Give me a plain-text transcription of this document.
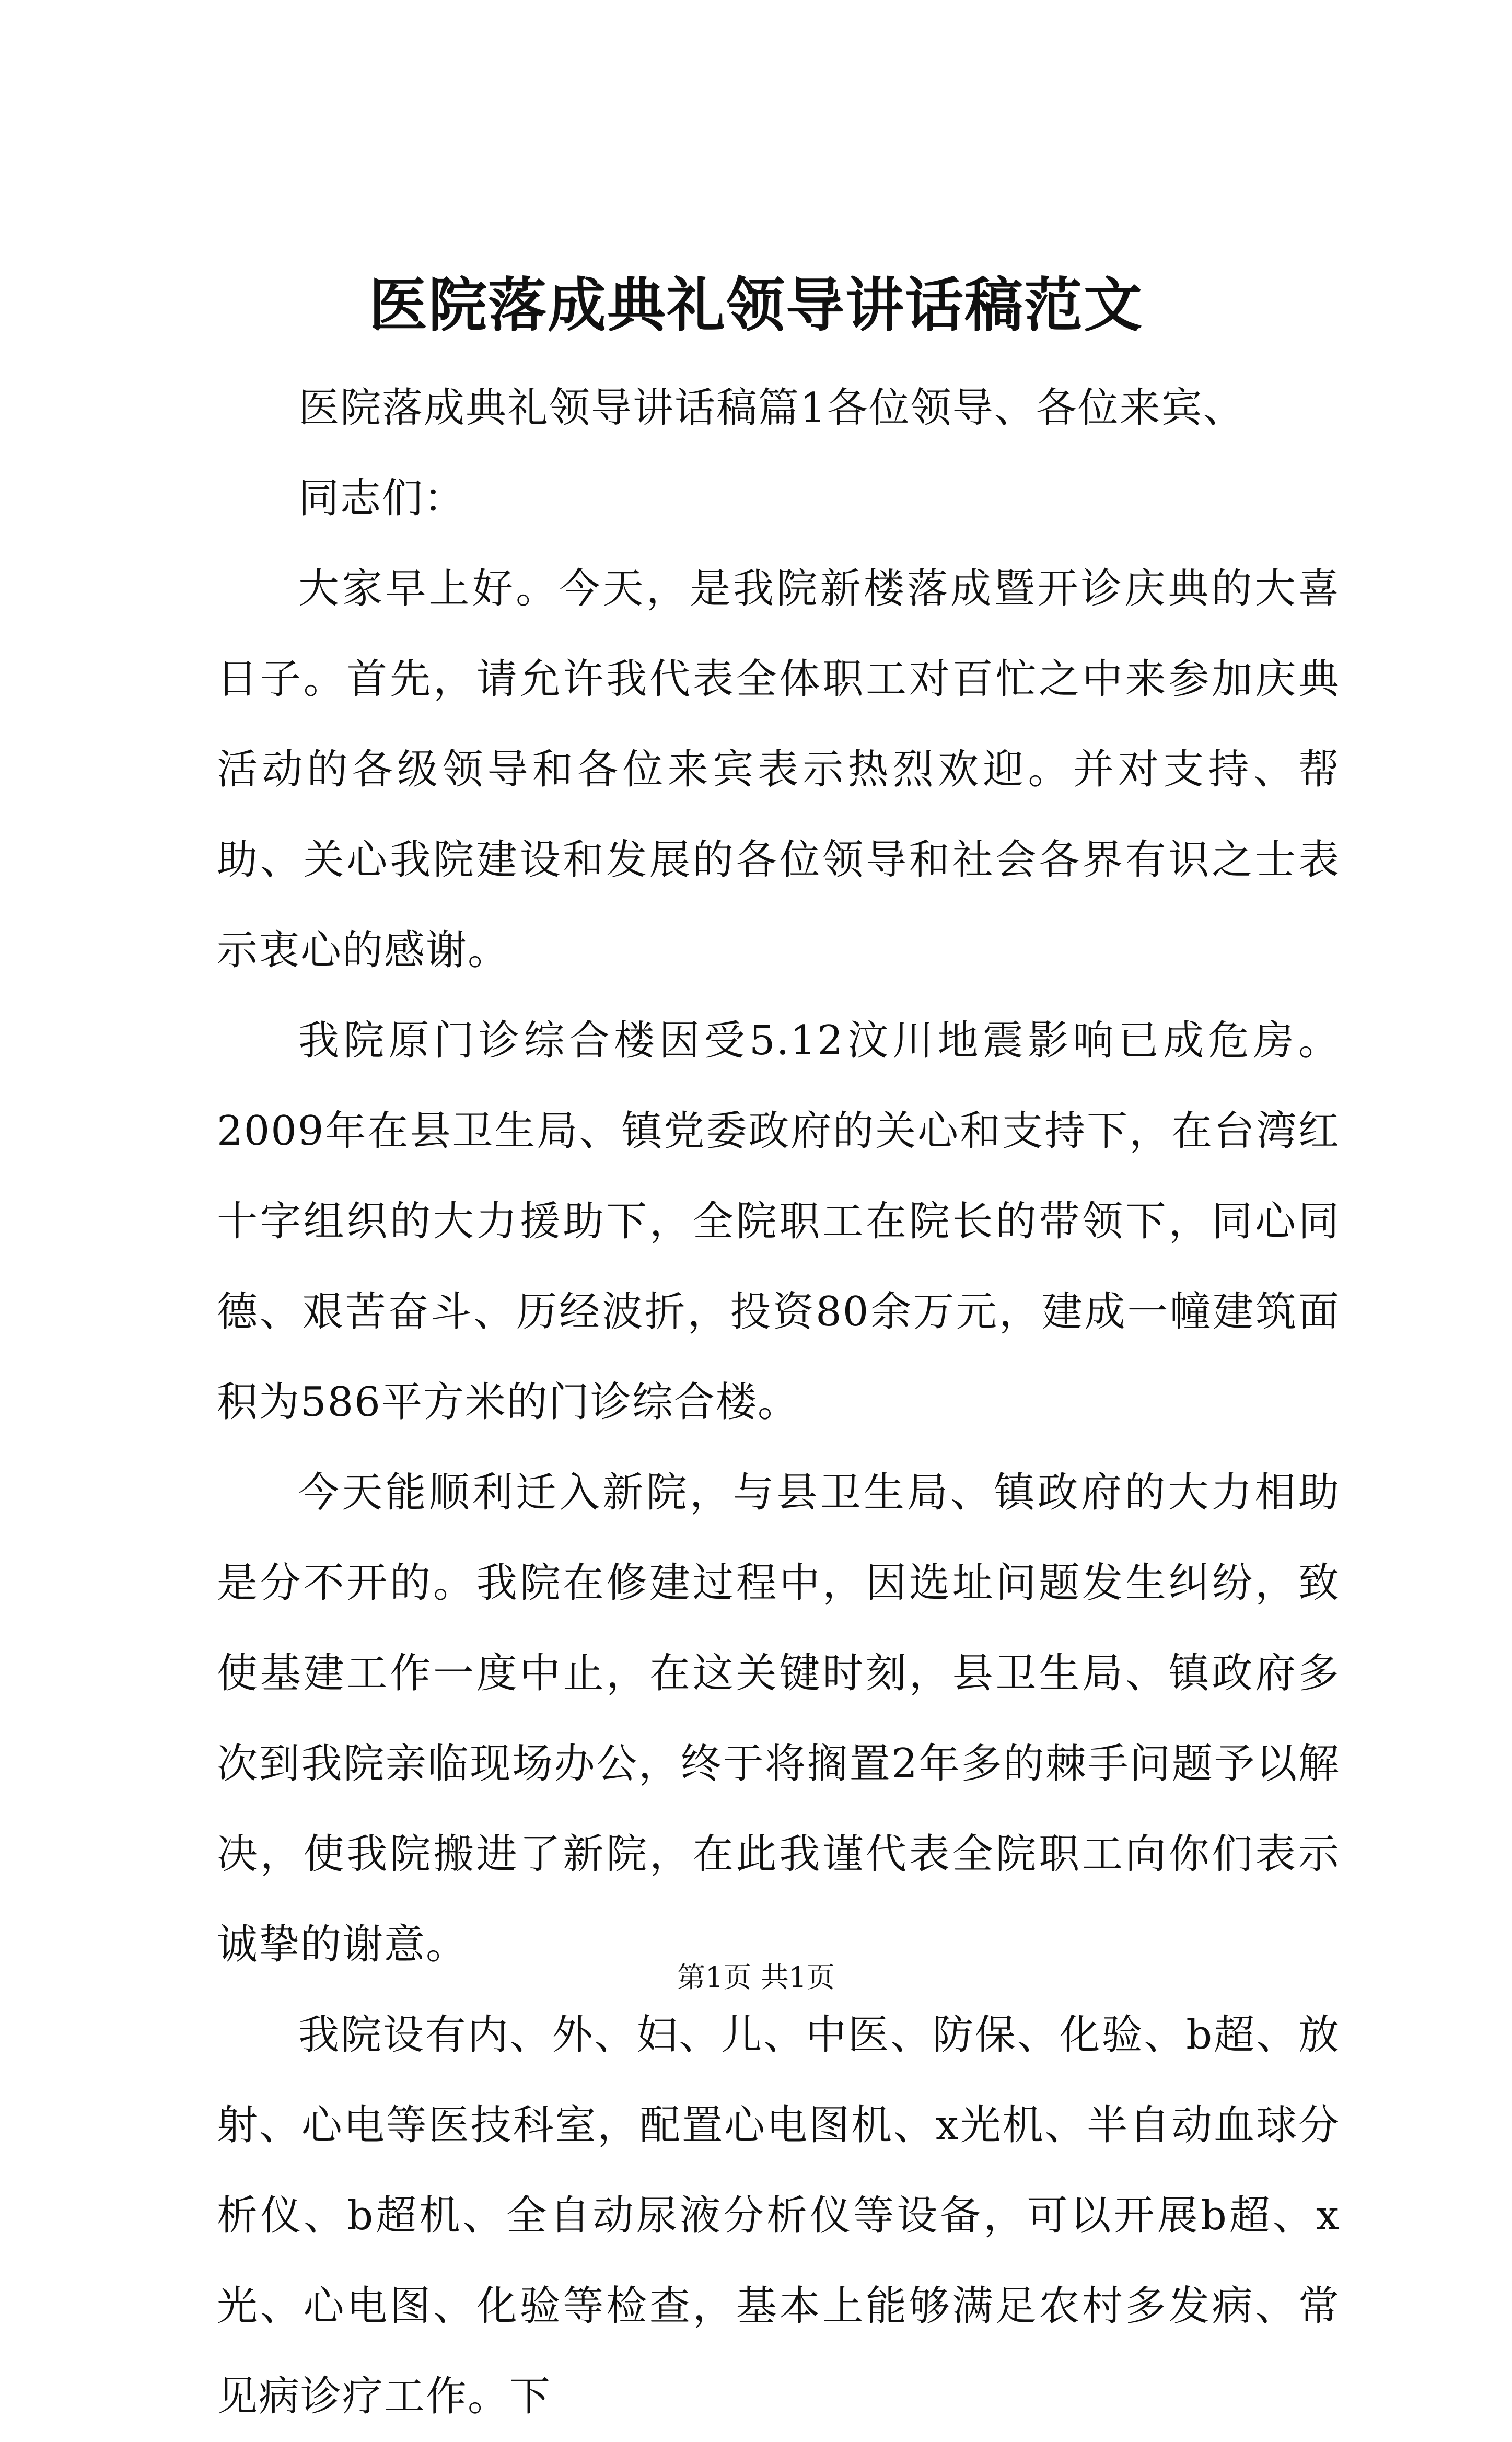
医院落成典礼领导讲话稿范文

医院落成典礼领导讲话稿篇1各位领导、各位来宾、

同志们：

大家早上好。今天，是我院新楼落成暨开诊庆典的大喜日子。首先，请允许我代表全体职工对百忙之中来参加庆典活动的各级领导和各位来宾表示热烈欢迎。并对支持、帮助、关心我院建设和发展的各位领导和社会各界有识之士表示衷心的感谢。

我院原门诊综合楼因受5.12汶川地震影响已成危房。2009年在县卫生局、镇党委政府的关心和支持下，在台湾红十字组织的大力援助下，全院职工在院长的带领下，同心同德、艰苦奋斗、历经波折，投资80余万元，建成一幢建筑面积为586平方米的门诊综合楼。

今天能顺利迁入新院，与县卫生局、镇政府的大力相助是分不开的。我院在修建过程中，因选址问题发生纠纷，致使基建工作一度中止，在这关键时刻，县卫生局、镇政府多次到我院亲临现场办公，终于将搁置2年多的棘手问题予以解决，使我院搬进了新院，在此我谨代表全院职工向你们表示诚挚的谢意。

我院设有内、外、妇、儿、中医、防保、化验、b超、放射、心电等医技科室，配置心电图机、x光机、半自动血球分析仪、b超机、全自动尿液分析仪等设备，可以开展b超、x光、心电图、化验等检查，基本上能够满足农村多发病、常见病诊疗工作。下

第1页 共1页
